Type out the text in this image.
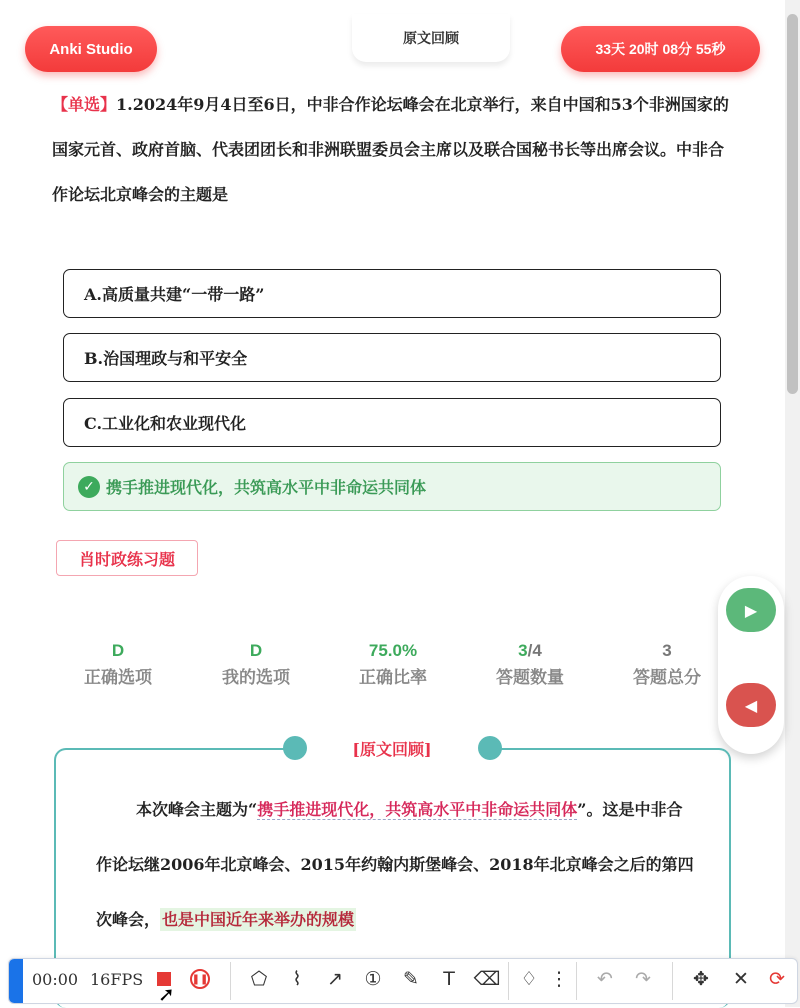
Anki Studio
原文回顾
33天 20时 08分 55秒
【单选】1.2024年9月4日至6日，中非合作论坛峰会在北京举行，来自中国和53个非洲国家的国家元首、政府首脑、代表团团长和非洲联盟委员会主席以及联合国秘书长等出席会议。中非合作论坛北京峰会的主题是
A.高质量共建“一带一路”
B.治国理政与和平安全
C.工业化和农业现代化
✓ 携手推进现代化，共筑高水平中非命运共同体
肖时政练习题
D
正确选项
D
我的选项
75.0%
正确比率
3/4
答题数量
3
答题总分
▶
◀
[原文回顾]
本次峰会主题为“携手推进现代化，共筑高水平中非命运共同体”。这是中非合作论坛继2006年北京峰会、2015年约翰内斯堡峰会、2018年北京峰会之后的第四次峰会， 也是中国近年来举办的规模
00:00 16FPS	❚❚ ⬠	⌇	↗ ① ✎	T ⌫ ♢ ⋮ ↶ ↷ ✥ ✕ ⟳
➚
